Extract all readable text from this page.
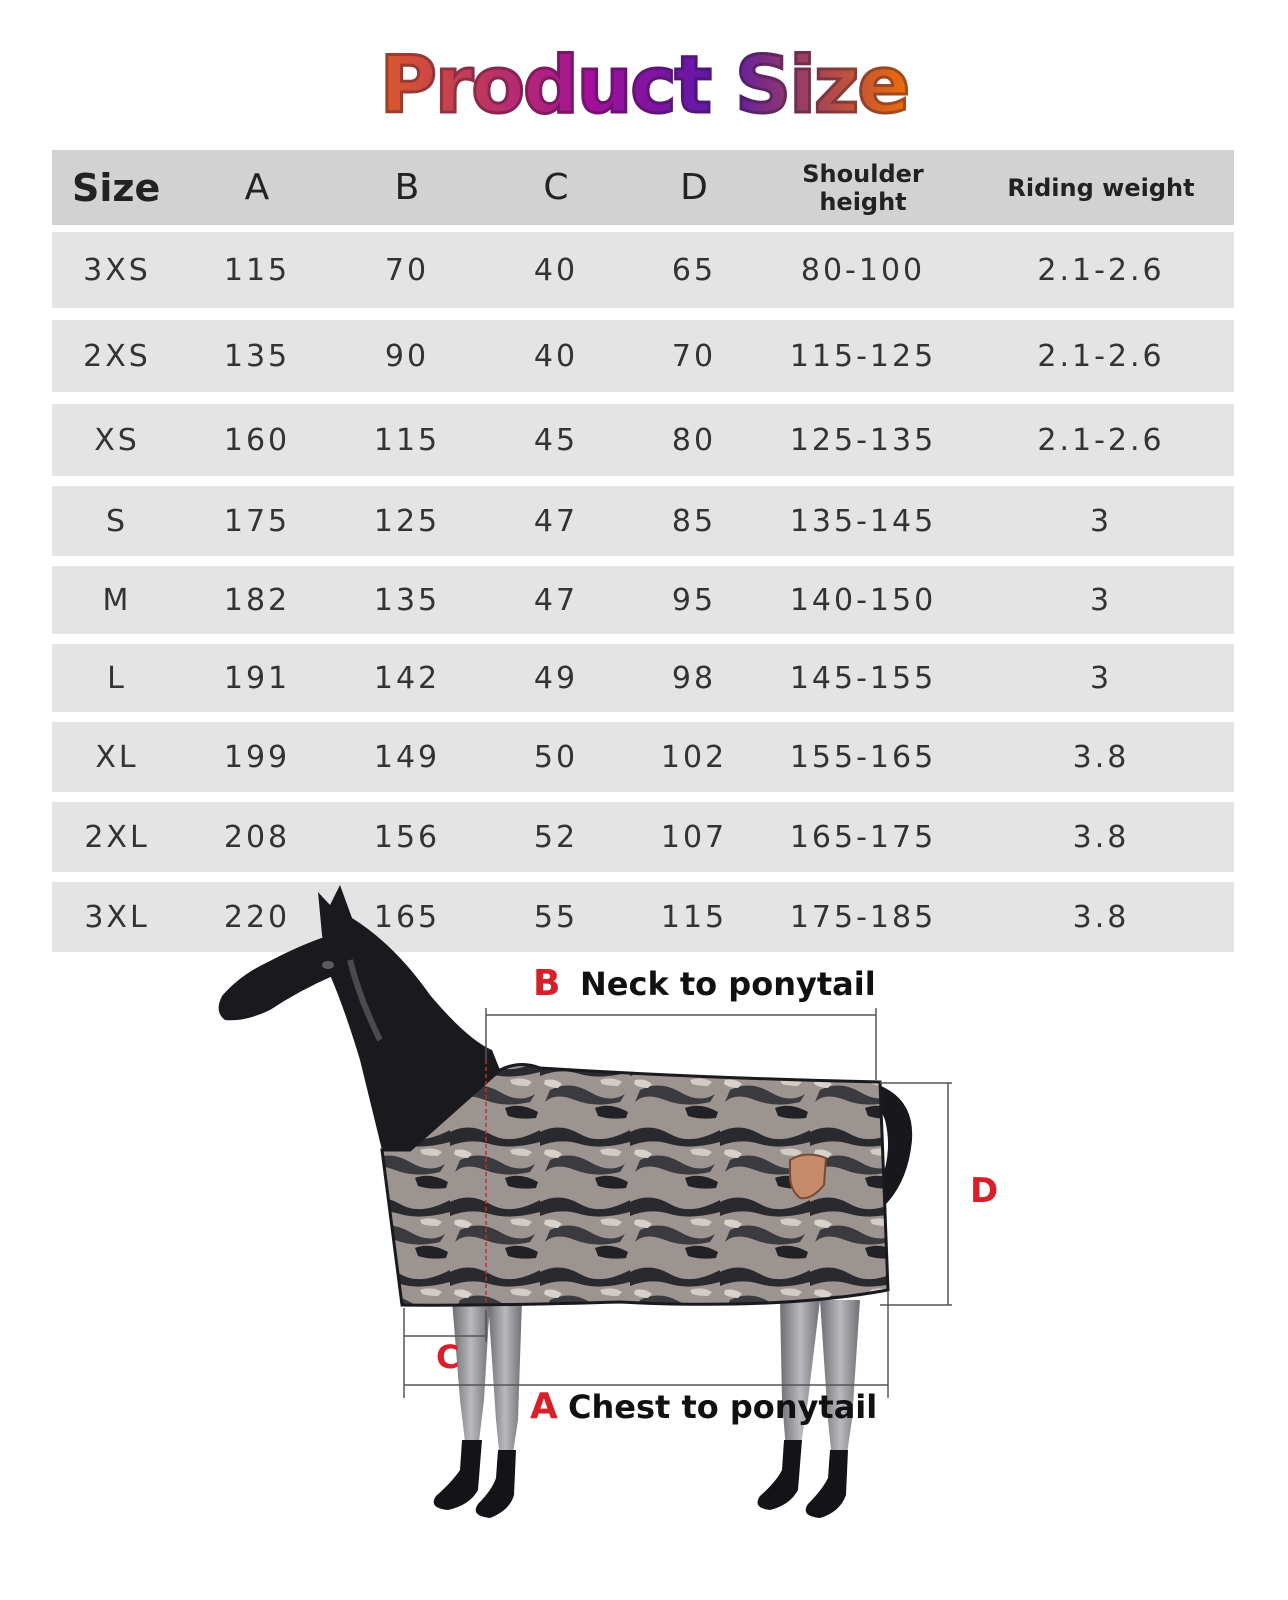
Product Size
Size	A	B	C	D	Shoulder height	Riding weight
3XS	115	70	40	65	80-100	2.1-2.6
2XS	135	90	40	70	115-125	2.1-2.6
XS	160	115	45	80	125-135	2.1-2.6
S	175	125	47	85	135-145	3
M	182	135	47	95	140-150	3
L	191	142	49	98	145-155	3
XL	199	149	50	102	155-165	3.8
2XL	208	156	52	107	165-175	3.8
3XL	220	165	55	115	175-185	3.8
B Neck to ponytail
C
D
A Chest to ponytail
